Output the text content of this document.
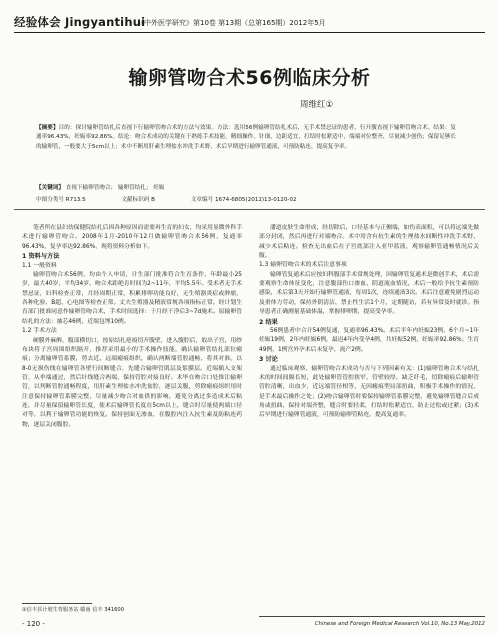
经验体会 Jingyantihui
《中外医学研究》第10卷 第13期（总第165期）2012年5月
输卵管吻合术56例临床分析
周维红①
【摘要】目的：探讨输卵管结扎后直视下行输卵管吻合术的方法与效果。方法：选用56例输卵管结扎术后，无手术禁忌证的患者，行开腹直视下输卵管吻合术。结果：复通率96.43%，妊娠率92.86%。结论：吻合术成功的关键在于熟练手术技能，精细操作，针细，边距适宜，打结时松紧适中，端端对位整齐，尽量减少创伤；保留足够长的输卵管，一般要大于5cm以上；术中不断用肝素生理盐水冲洗手术野，术后早期进行输卵管通液，可预防粘连，提高复孕率。
【关键词】 直视下输卵管吻合； 输卵管结扎； 妊娠
中图分类号 R713.5	文献标识码 B	文章编号 1674-6805(2012)13-0120-02

笔者所在县妇幼保健院结扎后因各种原因而需要再生育的妇女，均采用显微外科手术进行输卵管吻合。2008年1月-2010年12月做输卵管吻合术56例，复通率96.43%，复孕率达92.86%，现将资料分析如下。

1 资料与方法
1.1 一般资料

输卵管吻合术56例，均由个人申请，计生部门批准符合生育条件，年龄最小25岁，最大40岁，平均34岁。吻合术距绝育时间为2~11年，平均5.5年。受术者无手术禁忌证，妇科检查正常，月经周期正常，积累排卵功能良好，无生殖器炎症或肿瘤，各种化验、B超、心电图等检查正常。丈夫生殖器及精液常规各项指标正常。经计划生育部门批准同意作输卵管吻合术，手术时间选择：于月经干净后3~7d施术。原输卵管结扎的方法：抽芯46例，近端包埋10例。

1.2 手术方法

硬膜外麻醉，腹部横切口，按原结扎疤痕切开腹壁，进入腹腔后，取出子宫，用纱布块将子宫周围组织隔开，推荐采用最小的手术操作技能，确认输卵管结扎部位瘢痕；分离输卵管系膜，剪去近、远端瘢痕组织，确认两断端管腔通畅，将其对准。以8-0无损伤线在输卵管各壁行间断缝合，先缝合输卵管肌层及浆膜层。近端插入支架管，从伞端通过，然后针线缝合两端，保持管腔对接良好。术毕在吻合口处推注输卵管，以判断管腔通畅程度，用肝素生理盐水冲洗盆腔，逐层关腹，剪除瘢痕组织用时注意保持输卵管系膜完整，尽量减少吻合对血供的影响，避免分离过多造成术后粘连，并尽量保留输卵管长度，使术后输卵管长度在5cm以上，缝合时尽量使两端口径对等，以利于输卵管功能的恢复。保持创面无渗血，在腹腔内注入抗生素及防粘连药物，逐层关闭腹腔。

潘道皮肤生命形成，经切除后，口径基本与正侧端，如伤表面积，可以将远端先做部分封闭，然后再进行对端吻合。术中用含有抗生素的生理盐水间断性冲洗手术野，减少术后粘连。检查无出血后在子宫底部注入亚甲蓝液，观察输卵管通畅情况后关腹。

1.3 输卵管吻合术的术后注意事项

输卵管复通术后应按妇科腹部手术常规处理，因输卵管复通术是微创手术，术后需要观察生命体征变化，注意腹部伤口渗血、阴道流血情况，术后一般给予抗生素预防感染，术后第3天开始行输卵管通液，每周1次，连续通液3次。术后注意避免剧烈运动及重体力劳动，保持外阴清洁，禁止性生活1个月，定期随访，若有异常及时就诊。指导患者正确测量基础体温，掌握排卵期，提高受孕率。

2 结果

56例患者中合计54例复通，复通率96.43%。术后半年内妊娠23例，6个月~1年妊娠19例，2年内妊娠6例，最迟4年内受孕4例，共妊娠52例，妊娠率92.86%；生育49例，1例宫外孕术后未复孕，流产2例。

3 讨论

通过临床观察，输卵管吻合术成功与否与下列因素有关：(1)输卵管吻合术与结扎术的时间间隔长短，此处输卵管管腔狭窄，管壁较厚，缺乏纤毛，切除瘢痕后输卵管管腔清晰，出血少，近远端管径相等，无因瘢痕型局部扭曲，积极手术操作的情况，是手术最后操作之处；(2)吻合输卵管时要保持输卵管系膜完整，避免输卵管缝合后成角或扭曲，保持对端齐整，缝合时要轻柔，打结时松紧适宜，防止过松或过紧；(3)术后早期进行输卵管通液，可预防输卵管粘连，提高复通率。

①信丰县计划生育服务站 赣南 信丰 341600
- 120 -	Chinese and Foreign Medical Research Vol.10, No.13 May,2012
